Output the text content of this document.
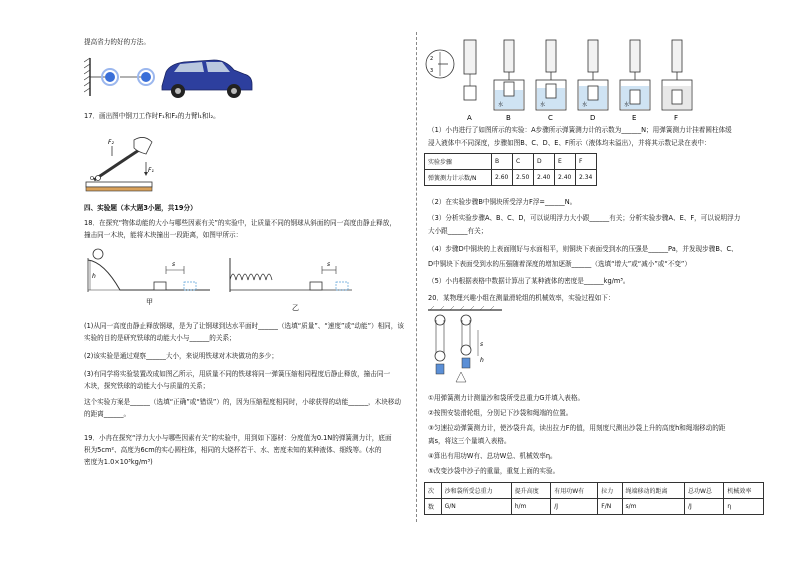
提高省力的好的方法。
17．画出图中钢刀工作时F₁和F₂的力臂l₁和l₂。
F₂
F₁
O
四、实验题（本大题3小题，共19分）
18．在探究“物体动能的大小与哪些因素有关”的实验中，让质量不同的钢球从斜面的同一高度由静止释放，
撞击同一木块，能将木块撞出一段距离，如图甲所示：
h
s
甲
s
乙
(1)从同一高度由静止释放钢球，是为了让钢球到达水平面时______（选填“质量”、“速度”或“动能”）相同，该
实验的目的是研究铁球的动能大小与______的关系；
(2)该实验是通过观察______大小，来说明铁球对木块做功的多少；
(3)有同学将实验装置改成如图乙所示，用质量不同的铁球将同一弹簧压缩相同程度后静止释放，撞击同一
木块，探究铁球的动能大小与质量的关系；
这个实验方案是______（选填“正确”或“错误”）的，因为压缩程度相同时，小球获得的动能______，木块移动
的距离______。
19．小冉在探究“浮力大小与哪些因素有关”的实验中，用到如下器材：分度值为0.1N的弹簧测力计，底面
积为5cm²、高度为6cm的实心圆柱体，相同的大烧杯若干、水、密度未知的某种液体、细线等。(水的
密度为1.0×10³kg/m³)
2
3
水	水	水	水
A	B	C	D	E	F
（1）小冉进行了如图所示的实验：A步骤所示弹簧测力计的示数为______N；用弹簧测力计挂着圆柱体缓
浸入液体中不同深度，步骤如图B、C、D、E、F所示（液体均未溢出），并将其示数记录在表中：
实验步骤	B	C	D	E	F
弹簧测力计示数/N	2.60	2.50	2.40	2.40	2.34
（2）在实验步骤B中铜块所受浮力F浮=______N。
（3）分析实验步骤A、B、C、D，可以说明浮力大小跟______有关；分析实验步骤A、E、F，可以说明浮力
大小跟______有关；
（4）步骤D中铜块的上表面刚好与水面相平，则铜块下表面受到水的压强是______Pa，并发现步骤B、C、
D中铜块下表面受到水的压强随着深度的增加逐渐______（选填“增大”或“减小”或“不变”）
（5）小冉根据表格中数据计算出了某种液体的密度是______kg/m³。
20．某物理兴趣小组在测量滑轮组的机械效率，实验过程如下：
s
h
①用弹簧测力计测量沙和袋所受总重力G并填入表格。
②按图安装滑轮组，分别记下沙袋和绳端的位置。
③匀速拉动弹簧测力计，使沙袋升高，读出拉力F的值，用刻度尺测出沙袋上升的高度h和绳端移动的距
离s，将这三个量填入表格。
④算出有用功W有、总功W总、机械效率η。
⑤改变沙袋中沙子的重量，重复上面的实验。
次	沙和袋所受总重力	提升高度	有用功W有	拉力	绳端移动的距离	总功W总	机械效率
数	G/N	h/m	/J	F/N	s/m	/J	η
